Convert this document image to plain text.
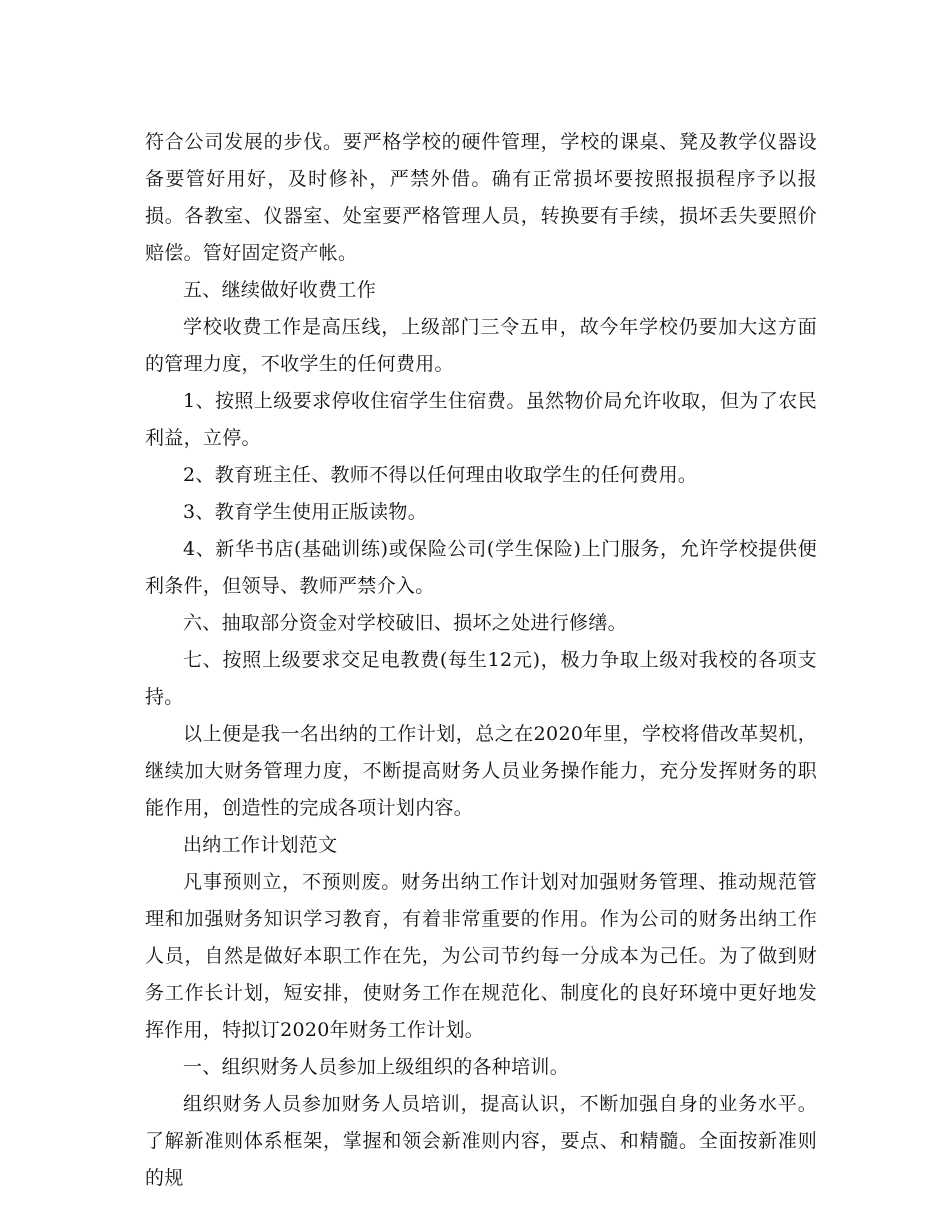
符合公司发展的步伐。要严格学校的硬件管理，学校的课桌、凳及教学仪器设备要管好用好，及时修补，严禁外借。确有正常损坏要按照报损程序予以报损。各教室、仪器室、处室要严格管理人员，转换要有手续，损坏丢失要照价赔偿。管好固定资产帐。

五、继续做好收费工作

学校收费工作是高压线，上级部门三令五申，故今年学校仍要加大这方面的管理力度，不收学生的任何费用。

1、按照上级要求停收住宿学生住宿费。虽然物价局允许收取，但为了农民利益，立停。

2、教育班主任、教师不得以任何理由收取学生的任何费用。

3、教育学生使用正版读物。

4、新华书店(基础训练)或保险公司(学生保险)上门服务，允许学校提供便利条件，但领导、教师严禁介入。

六、抽取部分资金对学校破旧、损坏之处进行修缮。

七、按照上级要求交足电教费(每生12元)，极力争取上级对我校的各项支持。

以上便是我一名出纳的工作计划，总之在2020年里，学校将借改革契机，继续加大财务管理力度，不断提高财务人员业务操作能力，充分发挥财务的职能作用，创造性的完成各项计划内容。

出纳工作计划范文

凡事预则立，不预则废。财务出纳工作计划对加强财务管理、推动规范管理和加强财务知识学习教育，有着非常重要的作用。作为公司的财务出纳工作人员，自然是做好本职工作在先，为公司节约每一分成本为己任。为了做到财务工作长计划，短安排，使财务工作在规范化、制度化的良好环境中更好地发挥作用，特拟订2020年财务工作计划。

一、组织财务人员参加上级组织的各种培训。

组织财务人员参加财务人员培训，提高认识，不断加强自身的业务水平。了解新准则体系框架，掌握和领会新准则内容，要点、和精髓。全面按新准则的规
